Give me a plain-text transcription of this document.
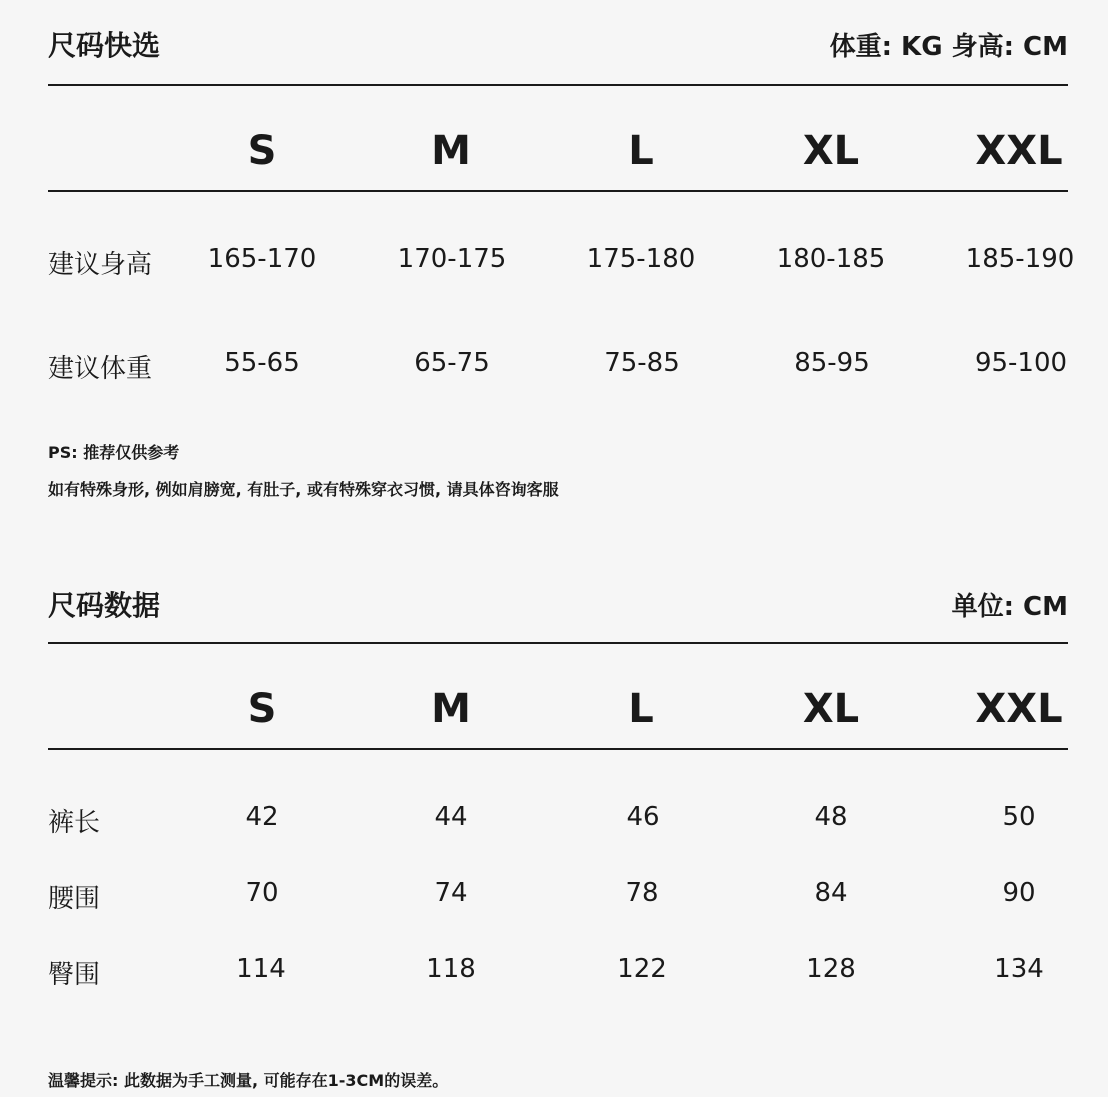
尺码快选	体重: KG 身高: CM
S	M	L	XL	XXL
建议身高 165-170	170-175	175-180	180-185	185-190
建议体重	55-65	65-75	75-85	85-95	95-100
PS: 推荐仅供参考
如有特殊身形, 例如肩膀宽, 有肚子, 或有特殊穿衣习惯, 请具体咨询客服
尺码数据	单位: CM
S	M	L	XL	XXL
裤长	42	44	46	48	50
腰围	70	74	78	84	90
臀围	114	118	122	128	134
温馨提示: 此数据为手工测量, 可能存在1-3CM的误差。
